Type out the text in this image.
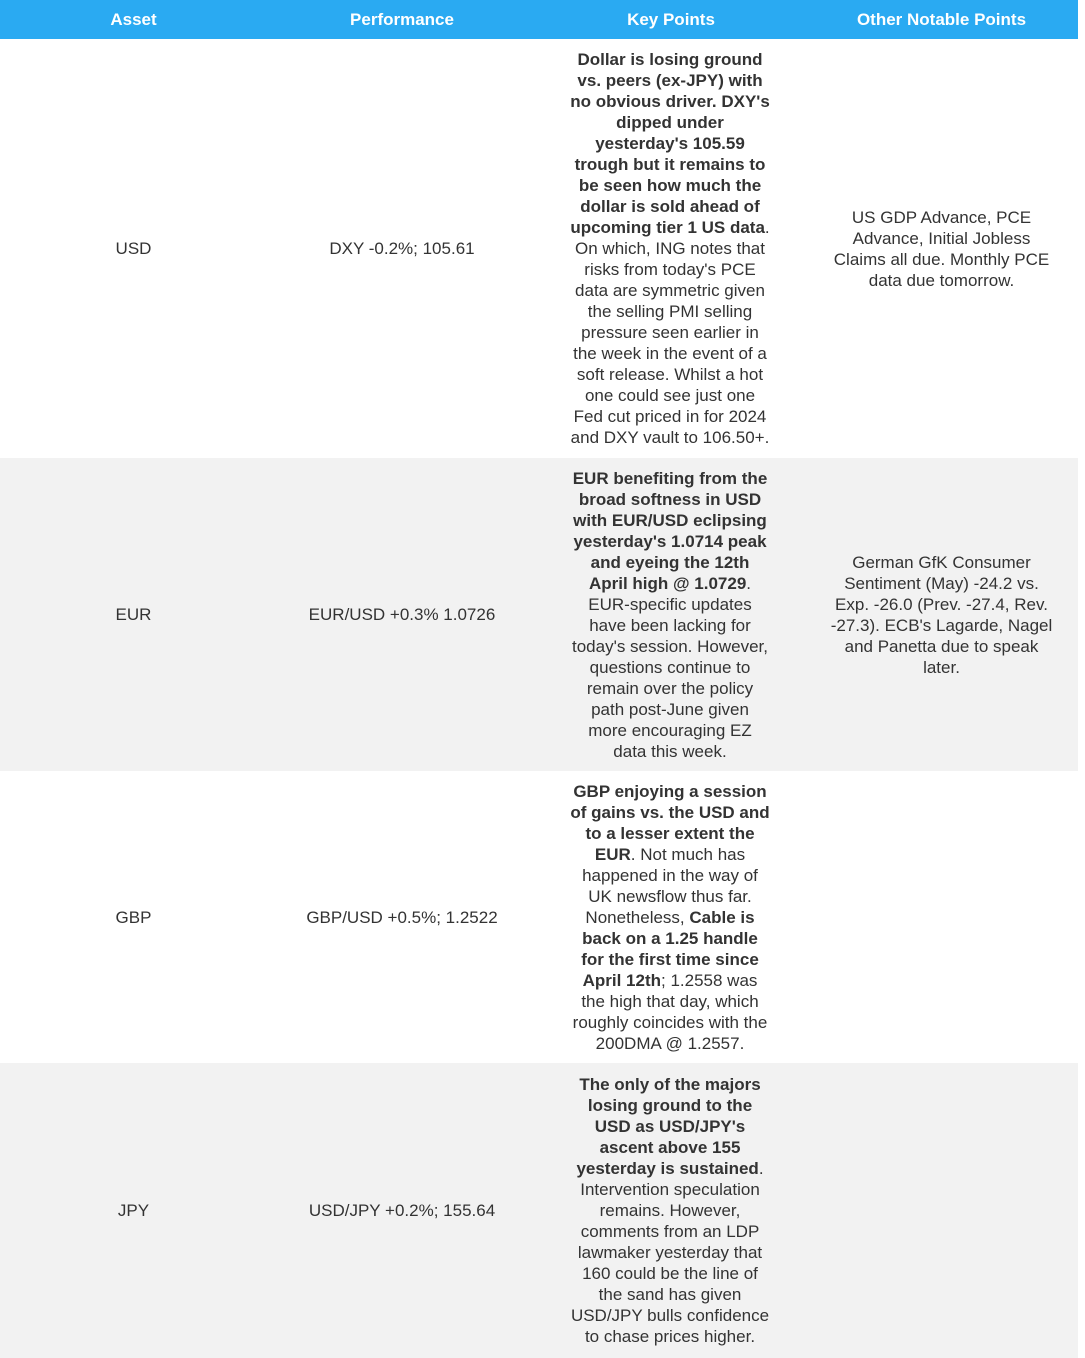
Asset	Performance	Key Points	Other Notable Points
USD	DXY -0.2%; 105.61	Dollar is losing ground vs. peers (ex-JPY) with no obvious driver. DXY's dipped under yesterday's 105.59 trough but it remains to be seen how much the dollar is sold ahead of upcoming tier 1 US data. On which, ING notes that risks from today's PCE data are symmetric given the selling PMI selling pressure seen earlier in the week in the event of a soft release. Whilst a hot one could see just one Fed cut priced in for 2024 and DXY vault to 106.50+.	US GDP Advance, PCE Advance, Initial Jobless Claims all due. Monthly PCE data due tomorrow.
EUR	EUR/USD +0.3% 1.0726	EUR benefiting from the broad softness in USD with EUR/USD eclipsing yesterday's 1.0714 peak and eyeing the 12th April high @ 1.0729. EUR-specific updates have been lacking for today's session. However, questions continue to remain over the policy path post-June given more encouraging EZ data this week.	German GfK Consumer Sentiment (May) -24.2 vs. Exp. -26.0 (Prev. -27.4, Rev. -27.3). ECB's Lagarde, Nagel and Panetta due to speak later.
GBP	GBP/USD +0.5%; 1.2522	GBP enjoying a session of gains vs. the USD and to a lesser extent the EUR. Not much has happened in the way of UK newsflow thus far. Nonetheless, Cable is back on a 1.25 handle for the first time since April 12th; 1.2558 was the high that day, which roughly coincides with the 200DMA @ 1.2557.	
JPY	USD/JPY +0.2%; 155.64	The only of the majors losing ground to the USD as USD/JPY's ascent above 155 yesterday is sustained. Intervention speculation remains. However, comments from an LDP lawmaker yesterday that 160 could be the line of the sand has given USD/JPY bulls confidence to chase prices higher.	
